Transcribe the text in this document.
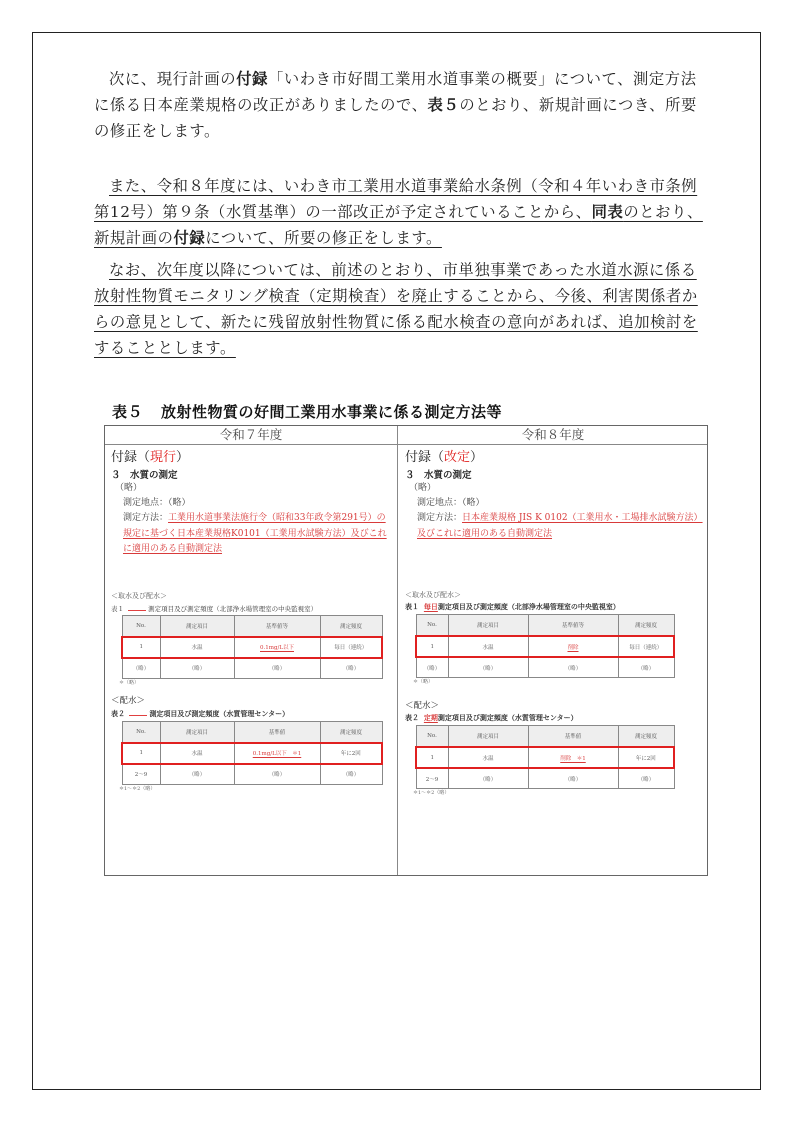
次に、現行計画の付録「いわき市好間工業用水道事業の概要」について、測定方法に係る日本産業規格の改正がありましたので、表５のとおり、新規計画につき、所要の修正をします。

また、令和８年度には、いわき市工業用水道事業給水条例（令和４年いわき市条例第12号）第９条（水質基準）の一部改正が予定されていることから、同表のとおり、新規計画の付録について、所要の修正をします。

なお、次年度以降については、前述のとおり、市単独事業であった水道水源に係る放射性物質モニタリング検査（定期検査）を廃止することから、今後、利害関係者からの意見として、新たに残留放射性物質に係る配水検査の意向があれば、追加検討をすることとします。

表５ 放射性物質の好間工業用水事業に係る測定方法等
令和７年度	令和８年度
付録（現行）
３　水質の測定
（略）
測定地点：（略）
測定方法：工業用水道事業法施行令（昭和33年政令第291号）の規定に基づく日本産業規格K0101（工業用水試験方法）及びこれに適用のある自動測定法
＜取水及び配水＞
表１	測定項目及び測定頻度（北部浄水場管理室の中央監視室）
No.	測定項目	基準値等	測定頻度
1	水温	0.1mg/L以下	毎日（連続）
（略）	（略）	（略）	（略）
＊（略）
＜配水＞
表２	測定項目及び測定頻度（水質管理センター）
No.	測定項目	基準値	測定頻度
1	水温	0.1mg/L以下　＊1	年に2回
2～9	（略）	（略）	（略）
＊1～＊2（略）
付録（改定）
３　水質の測定
（略）
測定地点：（略）
測定方法：日本産業規格 JIS K 0102（工業用水・工場排水試験方法）及びこれに適用のある自動測定法
＜取水及び配水＞
表１ 毎日測定項目及び測定頻度（北部浄水場管理室の中央監視室）
No.	測定項目	基準値等	測定頻度
1	水温	削除	毎日（連続）
（略）	（略）	（略）	（略）
＊（略）
＜配水＞
表２ 定期測定項目及び測定頻度（水質管理センター）
No.	測定項目	基準値	測定頻度
1	水温	削除　＊1	年に2回
2～9	（略）	（略）	（略）
＊1～＊2（略）
